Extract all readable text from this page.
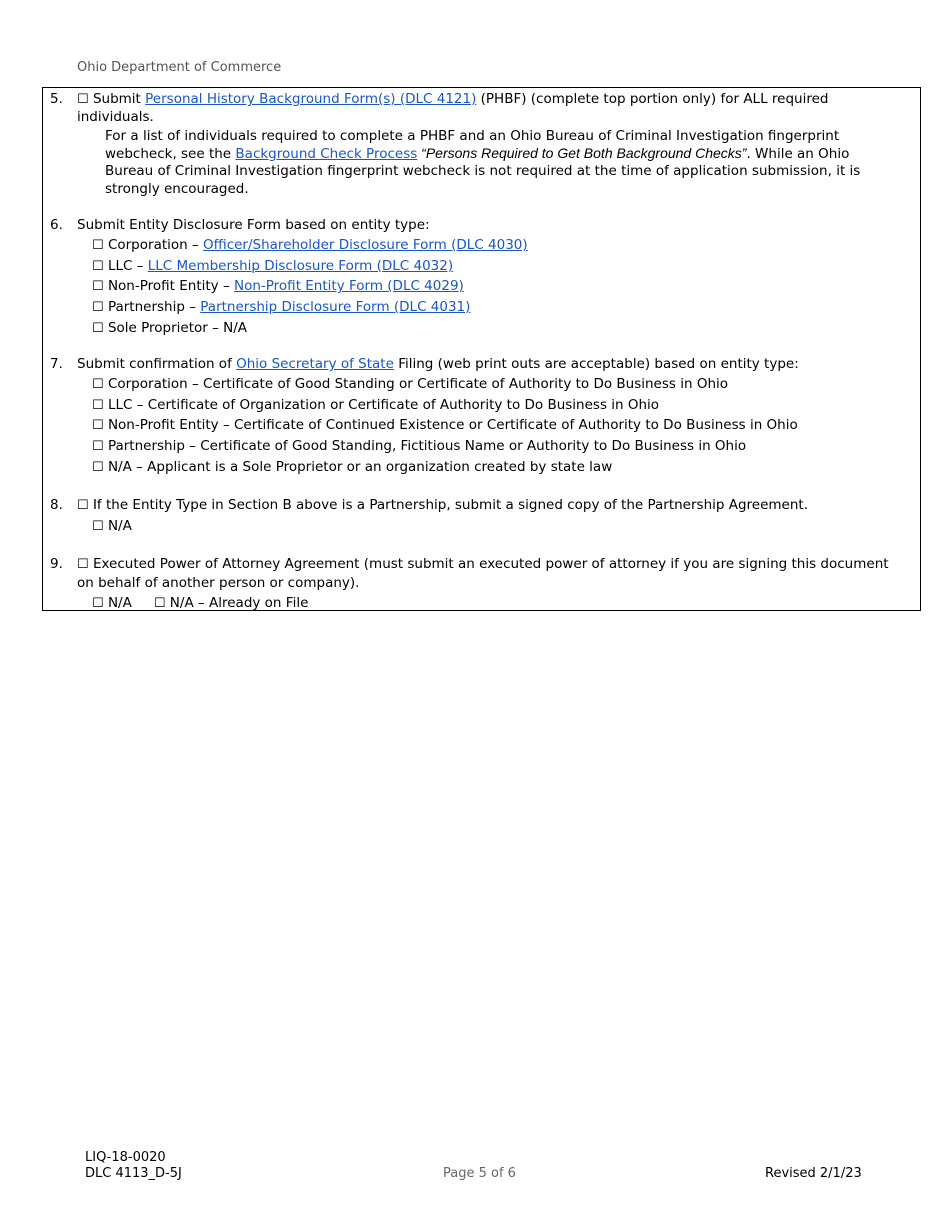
Ohio Department of Commerce
5. ☐ Submit Personal History Background Form(s) (DLC 4121) (PHBF) (complete top portion only) for ALL required
individuals.
For a list of individuals required to complete a PHBF and an Ohio Bureau of Criminal Investigation fingerprint
webcheck, see the Background Check Process “Persons Required to Get Both Background Checks”. While an Ohio
Bureau of Criminal Investigation fingerprint webcheck is not required at the time of application submission, it is
strongly encouraged.
6. Submit Entity Disclosure Form based on entity type:
☐ Corporation – Officer/Shareholder Disclosure Form (DLC 4030)
☐ LLC – LLC Membership Disclosure Form (DLC 4032)
☐ Non-Profit Entity – Non-Profit Entity Form (DLC 4029)
☐ Partnership – Partnership Disclosure Form (DLC 4031)
☐ Sole Proprietor – N/A
7. Submit confirmation of Ohio Secretary of State Filing (web print outs are acceptable) based on entity type:
☐ Corporation – Certificate of Good Standing or Certificate of Authority to Do Business in Ohio
☐ LLC – Certificate of Organization or Certificate of Authority to Do Business in Ohio
☐ Non-Profit Entity – Certificate of Continued Existence or Certificate of Authority to Do Business in Ohio
☐ Partnership – Certificate of Good Standing, Fictitious Name or Authority to Do Business in Ohio
☐ N/A – Applicant is a Sole Proprietor or an organization created by state law
8. ☐ If the Entity Type in Section B above is a Partnership, submit a signed copy of the Partnership Agreement.
☐ N/A
9. ☐ Executed Power of Attorney Agreement (must submit an executed power of attorney if you are signing this document
on behalf of another person or company).
☐ N/A ☐ N/A – Already on File
LIQ-18-0020
DLC 4113_D-5J	Page 5 of 6	Revised 2/1/23
